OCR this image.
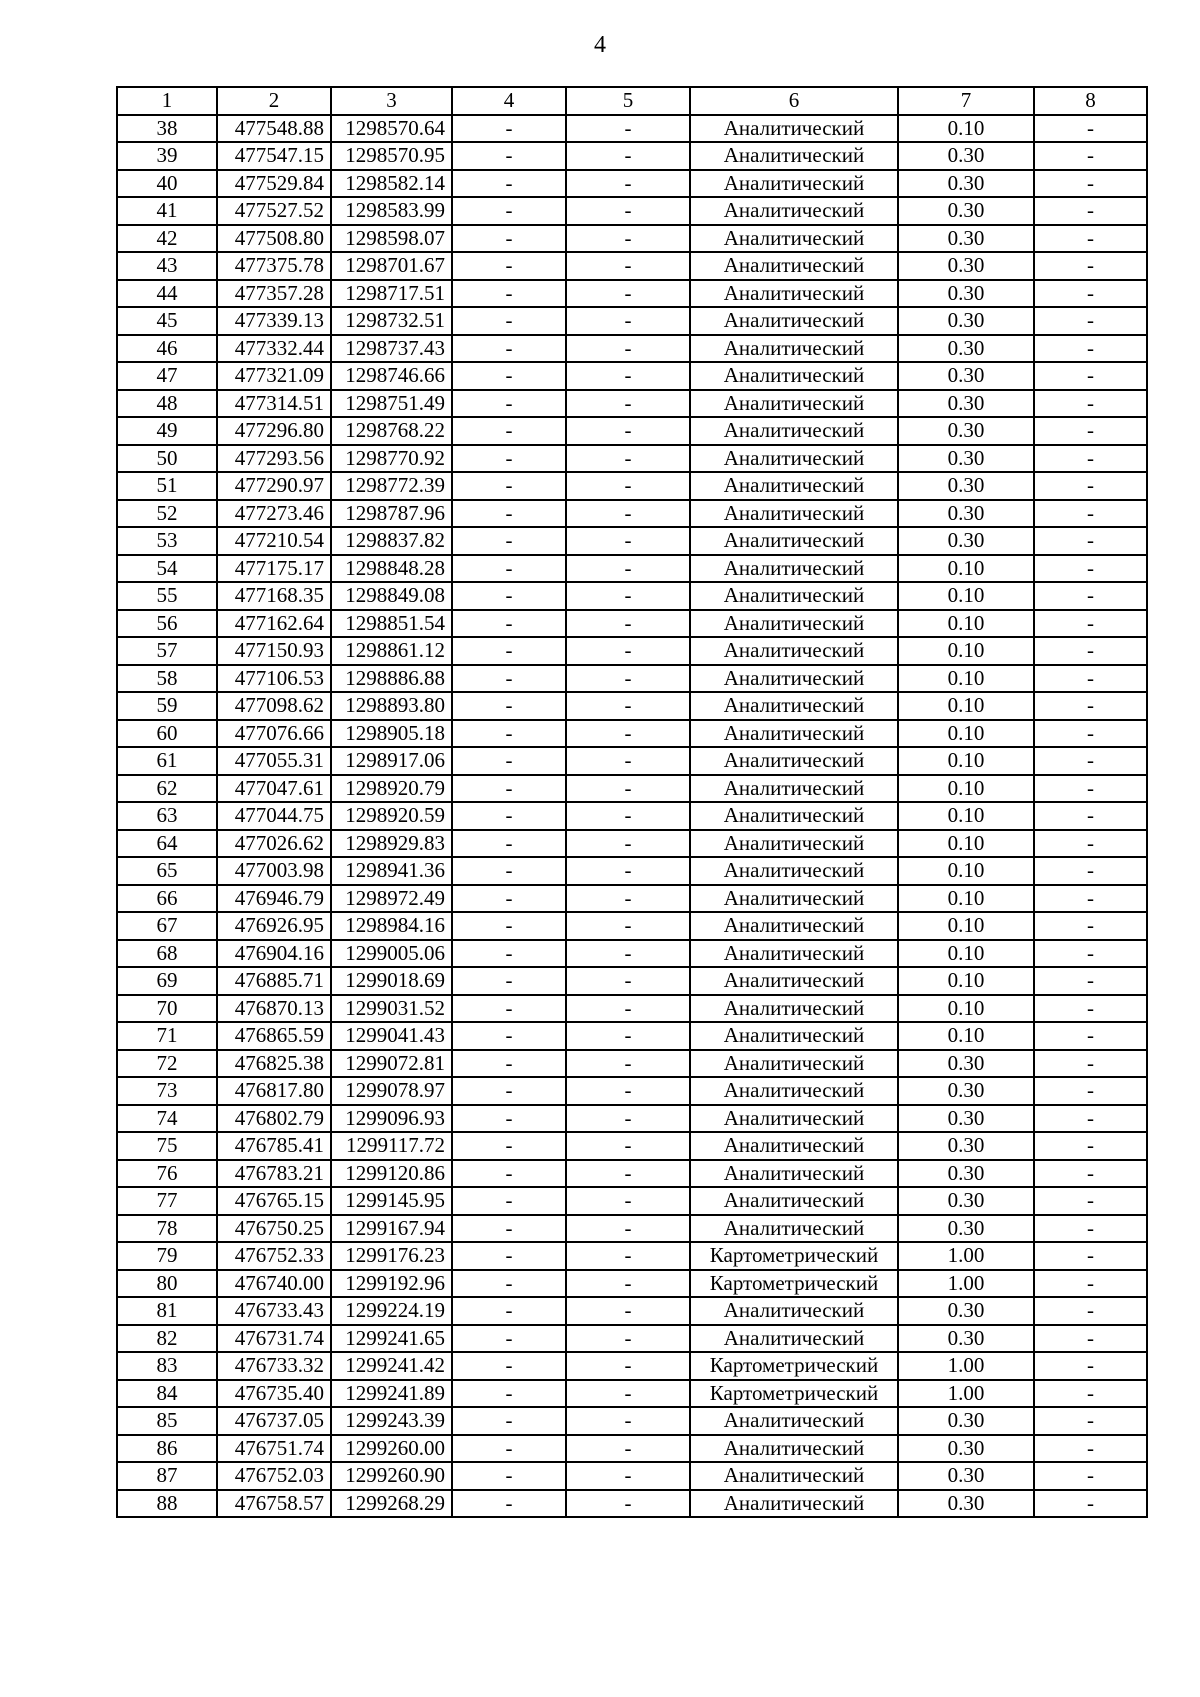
4
1	2	3	4	5	6	7	8
38	477548.88	1298570.64	-	-	Аналитический	0.10	-
39	477547.15	1298570.95	-	-	Аналитический	0.30	-
40	477529.84	1298582.14	-	-	Аналитический	0.30	-
41	477527.52	1298583.99	-	-	Аналитический	0.30	-
42	477508.80	1298598.07	-	-	Аналитический	0.30	-
43	477375.78	1298701.67	-	-	Аналитический	0.30	-
44	477357.28	1298717.51	-	-	Аналитический	0.30	-
45	477339.13	1298732.51	-	-	Аналитический	0.30	-
46	477332.44	1298737.43	-	-	Аналитический	0.30	-
47	477321.09	1298746.66	-	-	Аналитический	0.30	-
48	477314.51	1298751.49	-	-	Аналитический	0.30	-
49	477296.80	1298768.22	-	-	Аналитический	0.30	-
50	477293.56	1298770.92	-	-	Аналитический	0.30	-
51	477290.97	1298772.39	-	-	Аналитический	0.30	-
52	477273.46	1298787.96	-	-	Аналитический	0.30	-
53	477210.54	1298837.82	-	-	Аналитический	0.30	-
54	477175.17	1298848.28	-	-	Аналитический	0.10	-
55	477168.35	1298849.08	-	-	Аналитический	0.10	-
56	477162.64	1298851.54	-	-	Аналитический	0.10	-
57	477150.93	1298861.12	-	-	Аналитический	0.10	-
58	477106.53	1298886.88	-	-	Аналитический	0.10	-
59	477098.62	1298893.80	-	-	Аналитический	0.10	-
60	477076.66	1298905.18	-	-	Аналитический	0.10	-
61	477055.31	1298917.06	-	-	Аналитический	0.10	-
62	477047.61	1298920.79	-	-	Аналитический	0.10	-
63	477044.75	1298920.59	-	-	Аналитический	0.10	-
64	477026.62	1298929.83	-	-	Аналитический	0.10	-
65	477003.98	1298941.36	-	-	Аналитический	0.10	-
66	476946.79	1298972.49	-	-	Аналитический	0.10	-
67	476926.95	1298984.16	-	-	Аналитический	0.10	-
68	476904.16	1299005.06	-	-	Аналитический	0.10	-
69	476885.71	1299018.69	-	-	Аналитический	0.10	-
70	476870.13	1299031.52	-	-	Аналитический	0.10	-
71	476865.59	1299041.43	-	-	Аналитический	0.10	-
72	476825.38	1299072.81	-	-	Аналитический	0.30	-
73	476817.80	1299078.97	-	-	Аналитический	0.30	-
74	476802.79	1299096.93	-	-	Аналитический	0.30	-
75	476785.41	1299117.72	-	-	Аналитический	0.30	-
76	476783.21	1299120.86	-	-	Аналитический	0.30	-
77	476765.15	1299145.95	-	-	Аналитический	0.30	-
78	476750.25	1299167.94	-	-	Аналитический	0.30	-
79	476752.33	1299176.23	-	-	Картометрический	1.00	-
80	476740.00	1299192.96	-	-	Картометрический	1.00	-
81	476733.43	1299224.19	-	-	Аналитический	0.30	-
82	476731.74	1299241.65	-	-	Аналитический	0.30	-
83	476733.32	1299241.42	-	-	Картометрический	1.00	-
84	476735.40	1299241.89	-	-	Картометрический	1.00	-
85	476737.05	1299243.39	-	-	Аналитический	0.30	-
86	476751.74	1299260.00	-	-	Аналитический	0.30	-
87	476752.03	1299260.90	-	-	Аналитический	0.30	-
88	476758.57	1299268.29	-	-	Аналитический	0.30	-
